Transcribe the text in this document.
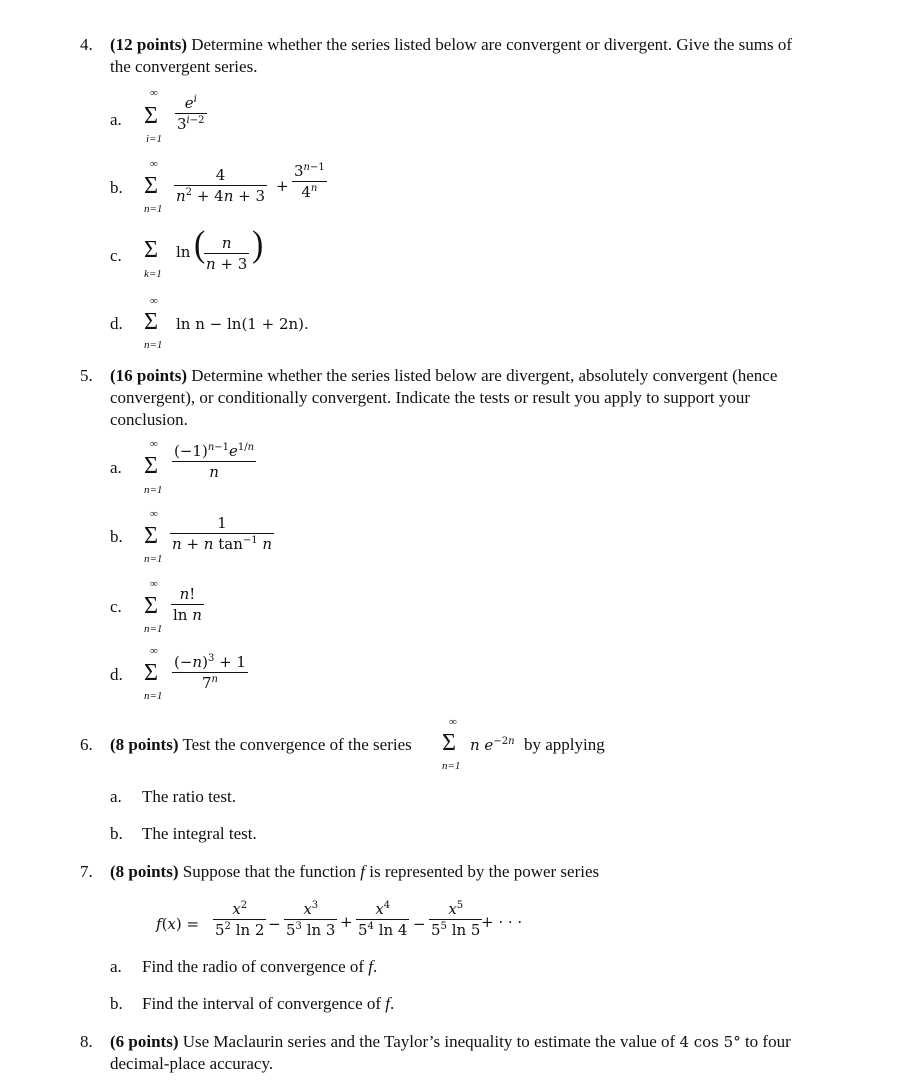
4. (12 points) Determine whether the series listed below are convergent or divergent. Give the sums of
the convergent series.
a.
∞
Σ
i=1
$e^i$
$3^{i-2}$
b.
∞
Σ
n=1
4
$n^2 + 4n + 3$
+
$3^{n-1}$
4$^n$
c. Σ
k=1
ln ( n
n + 3 )
d.
∞
Σ
n=1
ln n − ln(1 + 2n).
5. (16 points) Determine whether the series listed below are divergent, absolutely convergent (hence
convergent), or conditionally convergent. Indicate the tests or result you apply to support your
conclusion.
a.
∞
Σ
n=1
$(-1)^{n-1}e^{1/n}$
n
b.
∞
Σ
n=1
1
n + n $\tan^{-1} n$
c.
∞
Σ
n=1
n!
ln n
d.
∞
Σ
n=1
$(-n)^3 + 1$
7$^n$
6. (8 points) Test the convergence of the series
∞
Σ
n=1
n $e^{-2n}$ by applying
a. The ratio test.
b. The integral test.
7. (8 points) Suppose that the function f is represented by the power series
f(x) =
$x^2$
$5^2$ ln 2 −
$x^3$
$5^3$ ln 3 +
$x^4$
$5^4$ ln 4 −
$x^5$
$5^5$ ln 5 + · · ·
a. Find the radio of convergence of f.
b. Find the interval of convergence of f.
8. (6 points) Use Maclaurin series and the Taylor’s inequality to estimate the value of 4 cos 5° to four
decimal-place accuracy.
